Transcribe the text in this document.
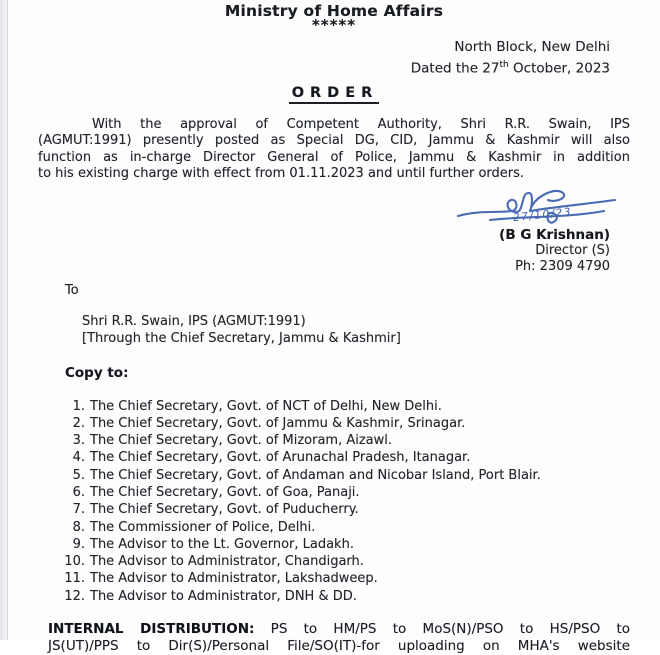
Ministry of Home Affairs
*****
North Block, New Delhi
Dated the 27th October, 2023
ORDER
With the approval of Competent Authority, Shri R.R. Swain, IPS
(AGMUT:1991) presently posted as Special DG, CID, Jammu & Kashmir will also
function as in-charge Director General of Police, Jammu & Kashmir in addition
to his existing charge with effect from 01.11.2023 and until further orders.
27/10/23
(B G Krishnan)
Director (S)
Ph: 2309 4790
To
Shri R.R. Swain, IPS (AGMUT:1991)
[Through the Chief Secretary, Jammu & Kashmir]
Copy to:
1. The Chief Secretary, Govt. of NCT of Delhi, New Delhi.
2. The Chief Secretary, Govt. of Jammu & Kashmir, Srinagar.
3. The Chief Secretary, Govt. of Mizoram, Aizawl.
4. The Chief Secretary, Govt. of Arunachal Pradesh, Itanagar.
5. The Chief Secretary, Govt. of Andaman and Nicobar Island, Port Blair.
6. The Chief Secretary, Govt. of Goa, Panaji.
7. The Chief Secretary, Govt. of Puducherry.
8. The Commissioner of Police, Delhi.
9. The Advisor to the Lt. Governor, Ladakh.
10. The Advisor to Administrator, Chandigarh.
11. The Advisor to Administrator, Lakshadweep.
12. The Advisor to Administrator, DNH & DD.
INTERNAL DISTRIBUTION: PS to HM/PS to MoS(N)/PSO to HS/PSO to
JS(UT)/PPS to Dir(S)/Personal File/SO(IT)-for uploading on MHA's website
